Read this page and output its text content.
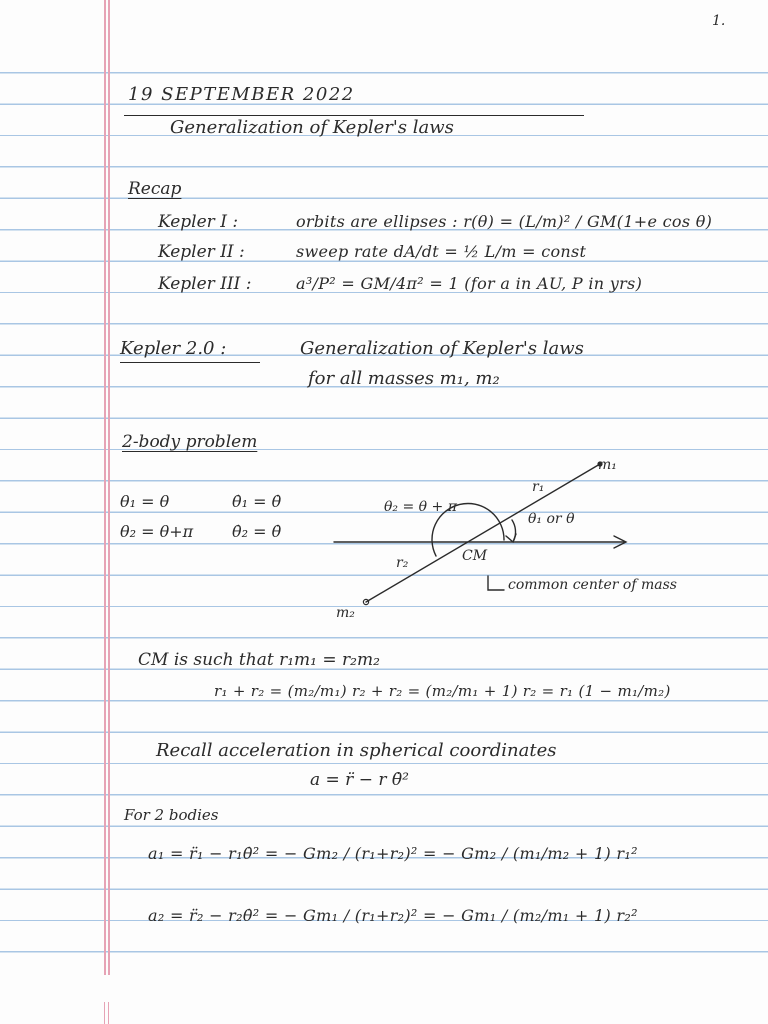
1.
19 SEPTEMBER 2022
Generalization of Kepler's laws
Recap
Kepler I :	orbits are ellipses : r(θ) = (L/m)² / GM(1+e cos θ)
Kepler II :	sweep rate dA/dt = ½ L/m = const
Kepler III :	a³/P² = GM/4π² = 1 (for a in AU, P in yrs)
Kepler 2.0 :	Generalization of Kepler's laws
for all masses m₁, m₂
2-body problem
θ₁ = θ	θ̇₁ = θ̇
θ₂ = θ+π θ̇₂ = θ̇
m₁
m₂
r₁
r₂
θ₂ = θ + π
θ₁ or θ
CM
common center of mass
CM is such that r₁m₁ = r₂m₂
r₁ + r₂ = (m₂/m₁) r₂ + r₂ = (m₂/m₁ + 1) r₂ = r₁ (1 − m₁/m₂)
Recall acceleration in spherical coordinates
a = r̈ − r θ̇²
For 2 bodies
a₁ = r̈₁ − r₁θ̇² = − Gm₂ / (r₁+r₂)² = − Gm₂ / (m₁/m₂ + 1) r₁²
a₂ = r̈₂ − r₂θ̇² = − Gm₁ / (r₁+r₂)² = − Gm₁ / (m₂/m₁ + 1) r₂²
